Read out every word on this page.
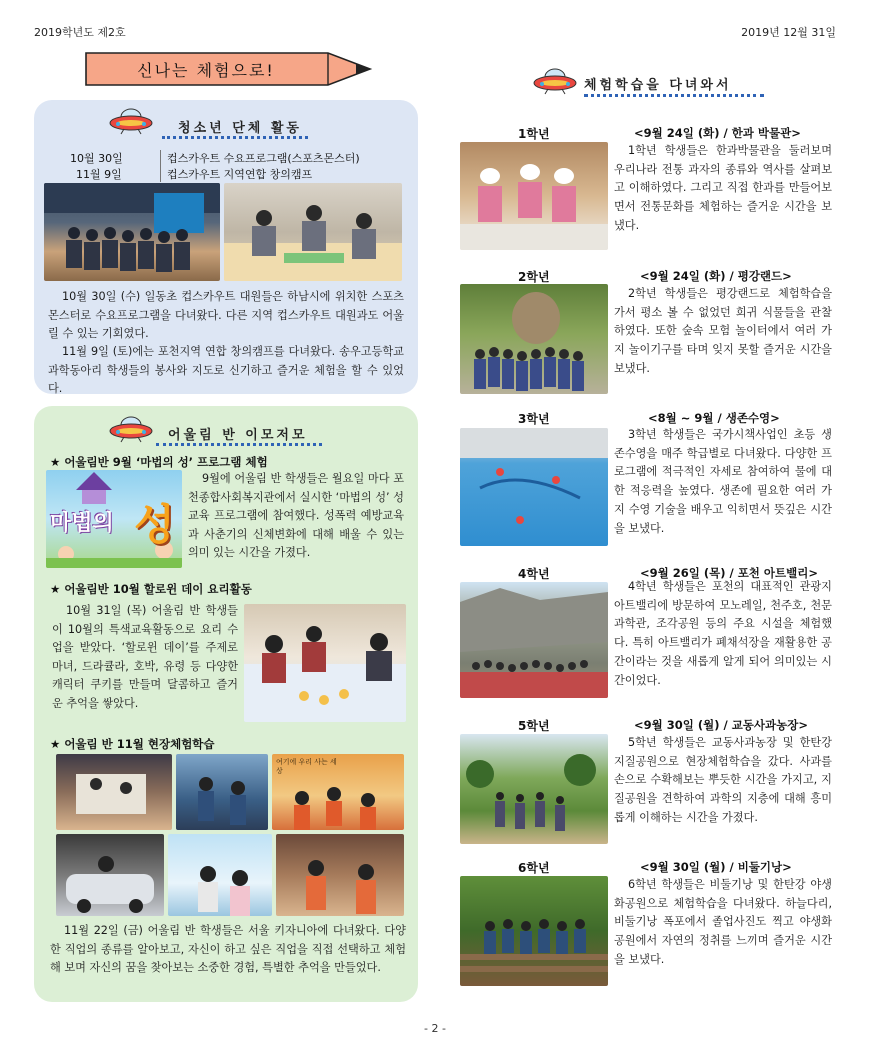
2019학년도 제2호	2019년 12월 31일
신나는 체험으로!
청소년 단체 활동
10월 30일	컵스카우트 수요프로그램(스포츠몬스터)
11월 9일	컵스카우트 지역연합 창의캠프
10월 30일 (수) 일동초 컵스카우트 대원들은 하남시에 위치한 스포츠몬스터로 수요프로그램을 다녀왔다. 다른 지역 컵스카우트 대원과도 어울릴 수 있는 기회였다.
11월 9일 (토)에는 포천지역 연합 창의캠프를 다녀왔다. 송우고등학교 과학동아리 학생들의 봉사와 지도로 신기하고 즐거운 체험을 할 수 있었다.
어울림 반 이모저모
★ 어울림반 9월 ‘마법의 성’ 프로그램 체험
마법의 성
9월에 어울림 반 학생들은 월요일 마다 포천종합사회복지관에서 실시한 ‘마법의 성’ 성교육 프로그램에 참여했다. 성폭력 예방교육과 사춘기의 신체변화에 대해 배울 수 있는 의미 있는 시간을 가졌다.
★ 어울림반 10월 할로윈 데이 요리활동
10월 31일 (목) 어울림 반 학생들이 10월의 특색교육활동으로 요리 수업을 받았다. ‘할로윈 데이’를 주제로 마녀, 드라큘라, 호박, 유령 등 다양한 캐릭터 쿠키를 만들며 달콤하고 즐거운 추억을 쌓았다.
★ 어울림 반 11월 현장체험학습
여기에 우리 사는 세상
11월 22일 (금) 어울림 반 학생들은 서울 키자니아에 다녀왔다. 다양한 직업의 종류를 알아보고, 자신이 하고 싶은 직업을 직접 선택하고 체험해 보며 자신의 꿈을 찾아보는 소중한 경험, 특별한 추억을 만들었다.
체험학습을 다녀와서
1학년	<9월 24일 (화) / 한과 박물관>
1학년 학생들은 한과박물관을 둘러보며 우리나라 전통 과자의 종류와 역사를 살펴보고 이해하였다. 그리고 직접 한과를 만들어보면서 전통문화를 체험하는 즐거운 시간을 보냈다.
2학년	<9월 24일 (화) / 평강랜드>
2학년 학생들은 평강랜드로 체험학습을 가서 평소 볼 수 없었던 희귀 식물들을 관찰하였다. 또한 숲속 모험 놀이터에서 여러 가지 놀이기구를 타며 잊지 못할 즐거운 시간을 보냈다.
3학년	<8월 ~ 9월 / 생존수영>
3학년 학생들은 국가시책사업인 초등 생존수영을 매주 학급별로 다녀왔다. 다양한 프로그램에 적극적인 자세로 참여하여 물에 대한 적응력을 높였다. 생존에 필요한 여러 가지 수영 기술을 배우고 익히면서 뜻깊은 시간을 보냈다.
4학년	<9월 26일 (목) / 포천 아트밸리>
4학년 학생들은 포천의 대표적인 관광지 아트밸리에 방문하여 모노레일, 천주호, 천문과학관, 조각공원 등의 주요 시설을 체험했다. 특히 아트밸리가 폐채석장을 재활용한 공간이라는 것을 새롭게 알게 되어 의미있는 시간이었다.
5학년	<9월 30일 (월) / 교동사과농장>
5학년 학생들은 교동사과농장 및 한탄강지질공원으로 현장체험학습을 갔다. 사과를 손으로 수확해보는 뿌듯한 시간을 가지고, 지질공원을 견학하여 과학의 지층에 대해 흥미롭게 이해하는 시간을 가졌다.
6학년	<9월 30일 (월) / 비둘기낭>
6학년 학생들은 비둘기낭 및 한탄강 야생화공원으로 체험학습을 다녀왔다. 하늘다리, 비둘기낭 폭포에서 졸업사진도 찍고 야생화공원에서 자연의 정취를 느끼며 즐거운 시간을 보냈다.
- 2 -
